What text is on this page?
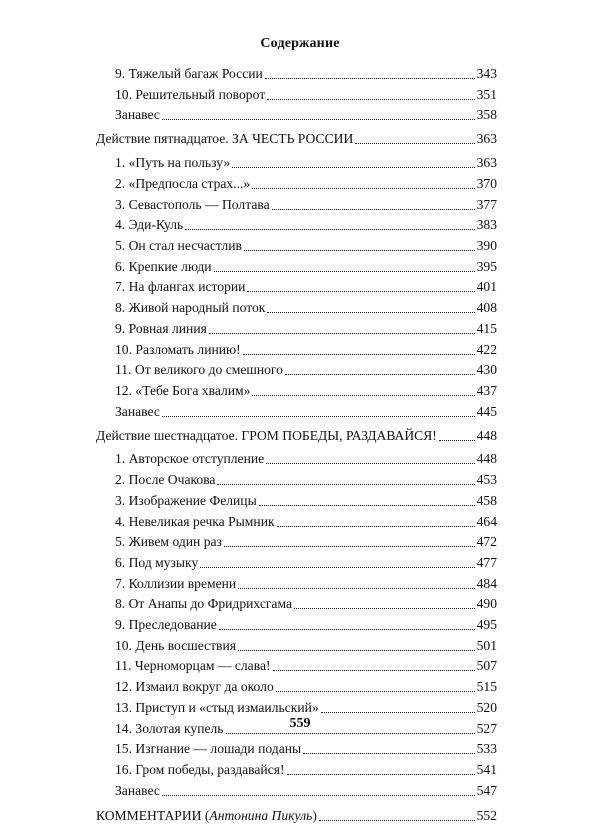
Содержание
9. Тяжелый багаж России	343
10. Решительный поворот	351
Занавес	358
Действие пятнадцатое. ЗА ЧЕСТЬ РОССИИ	363
1. «Путь на пользу»	363
2. «Предпосла страх...»	370
3. Севастополь — Полтава	377
4. Эди-Куль	383
5. Он стал несчастлив	390
6. Крепкие люди	395
7. На флангах истории	401
8. Живой народный поток	408
9. Ровная линия	415
10. Разломать линию!	422
11. От великого до смешного	430
12. «Тебе Бога хвалим»	437
Занавес	445
Действие шестнадцатое. ГРОМ ПОБЕДЫ, РАЗДАВАЙСЯ!	448
1. Авторское отступление	448
2. После Очакова	453
3. Изображение Фелицы	458
4. Невеликая речка Рымник	464
5. Живем один раз	472
6. Под музыку	477
7. Коллизии времени	484
8. От Анапы до Фридрихсгама	490
9. Преследование	495
10. День восшествия	501
11. Черноморцам — слава!	507
12. Измаил вокруг да около	515
13. Приступ и «стыд измаильский»	520
14. Золотая купель	527
15. Изгнание — лошади поданы	533
16. Гром победы, раздавайся!	541
Занавес	547
КОММЕНТАРИИ (Антонина Пикуль)	552
559
